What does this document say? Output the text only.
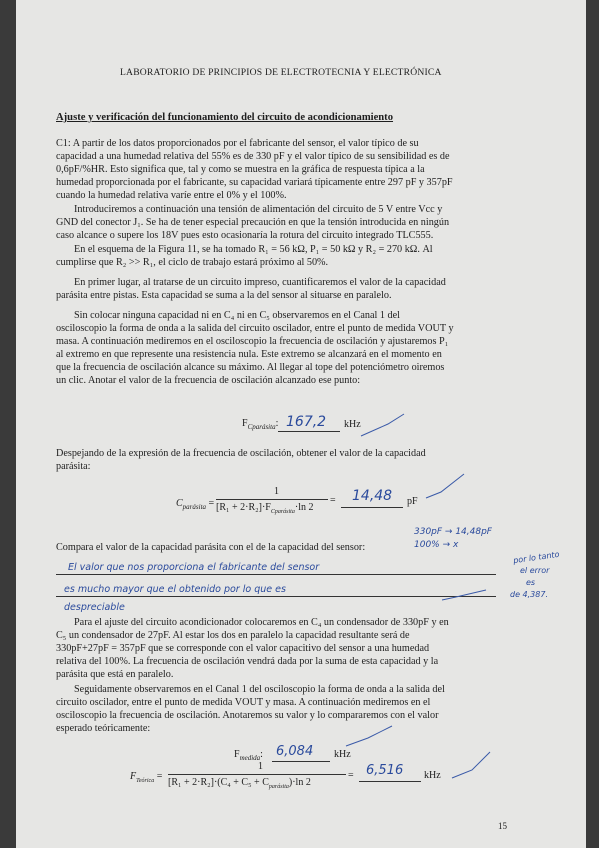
LABORATORIO DE PRINCIPIOS DE ELECTROTECNIA Y ELECTRÓNICA
Ajuste y verificación del funcionamiento del circuito de acondicionamiento
C1: A partir de los datos proporcionados por el fabricante del sensor, el valor típico de su
capacidad a una humedad relativa del 55% es de 330 pF y el valor típico de su sensibilidad es de
0,6pF/%HR. Esto significa que, tal y como se muestra en la gráfica de respuesta típica a la
humedad proporcionada por el fabricante, su capacidad variará típicamente entre 297 pF y 357pF
cuando la humedad relativa varíe entre el 0% y el 100%.
Introduciremos a continuación una tensión de alimentación del circuito de 5 V entre Vcc y
GND del conector J₁. Se ha de tener especial precaución en que la tensión introducida en ningún
caso alcance o supere los 18V pues esto ocasionaría la rotura del circuito integrado TLC555.
En el esquema de la Figura 11, se ha tomado R₁ = 56 kΩ, P₁ = 50 kΩ y R₂ = 270 kΩ. Al
cumplirse que R₂ >> R₁, el ciclo de trabajo estará próximo al 50%.
En primer lugar, al tratarse de un circuito impreso, cuantificaremos el valor de la capacidad
parásita entre pistas. Esta capacidad se suma a la del sensor al situarse en paralelo.
Sin colocar ninguna capacidad ni en C₄ ni en C₅ observaremos en el Canal 1 del
osciloscopio la forma de onda a la salida del circuito oscilador, entre el punto de medida VOUT y
masa. A continuación mediremos en el osciloscopio la frecuencia de oscilación y ajustaremos P₁
al extremo en que represente una resistencia nula. Este extremo se alcanzará en el momento en
que la frecuencia de oscilación alcance su máximo. Al llegar al tope del potenciómetro oiremos
un clic. Anotar el valor de la frecuencia de oscilación alcanzado ese punto:
$F_{Cparásita}$: 167,2 kHz
Despejando de la expresión de la frecuencia de oscilación, obtener el valor de la capacidad
parásita:
$C_{parásita}$ =
1
$[R_1 + 2\cdot R_2]\cdot F_{Cparásita}\cdot\ln$ 2
= 14,48 pF
Compara el valor de la capacidad parásita con el de la capacidad del sensor:
330pF → 14,48pF
100% → x
por lo tanto
el error
es
de 4,387.
El valor que nos proporciona el fabricante del sensor
es mucho mayor que el obtenido por lo que es
despreciable
Para el ajuste del circuito acondicionador colocaremos en C₄ un condensador de 330pF y en
C₅ un condensador de 27pF. Al estar los dos en paralelo la capacidad resultante será de
330pF+27pF = 357pF que se corresponde con el valor capacitivo del sensor a una humedad
relativa del 100%. La frecuencia de oscilación vendrá dada por la suma de esta capacidad y la
parásita que está en paralelo.
Seguidamente observaremos en el Canal 1 del osciloscopio la forma de onda a la salida del
circuito oscilador, entre el punto de medida VOUT y masa. A continuación mediremos en el
osciloscopio la frecuencia de oscilación. Anotaremos su valor y lo compararemos con el valor
esperado teóricamente:
$F_{medida}$: 6,084 kHz
$F_{Teórica}$ =
1
$[R_1 + 2\cdot R_2]\cdot(C_4 + C_5 + C_{parásita})\cdot\ln$ 2
= 6,516 kHz
15
